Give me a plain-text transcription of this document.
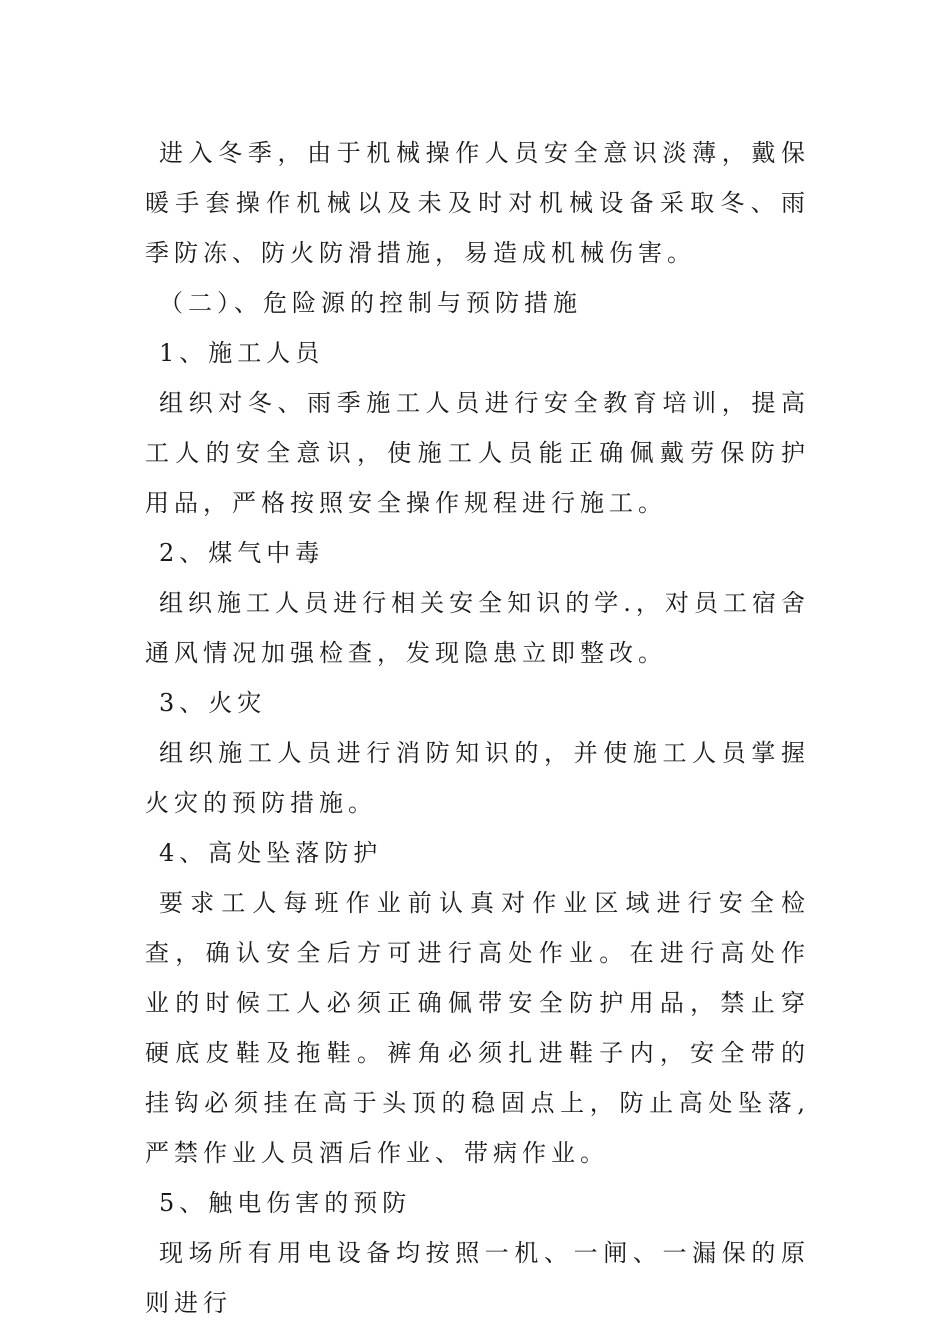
进入冬季，由于机械操作人员安全意识淡薄，戴保暖手套操作机械以及未及时对机械设备采取冬、雨季防冻、防火防滑措施，易造成机械伤害。

（二）、危险源的控制与预防措施

1、施工人员

组织对冬、雨季施工人员进行安全教育培训，提高工人的安全意识，使施工人员能正确佩戴劳保防护用品，严格按照安全操作规程进行施工。

2、煤气中毒

组织施工人员进行相关安全知识的学.，对员工宿舍通风情况加强检查，发现隐患立即整改。

3、火灾

组织施工人员进行消防知识的，并使施工人员掌握火灾的预防措施。

4、高处坠落防护

要求工人每班作业前认真对作业区域进行安全检查，确认安全后方可进行高处作业。在进行高处作业的时候工人必须正确佩带安全防护用品，禁止穿硬底皮鞋及拖鞋。裤角必须扎进鞋子内，安全带的挂钩必须挂在高于头顶的稳固点上，防止高处坠落,严禁作业人员酒后作业、带病作业。

5、触电伤害的预防

现场所有用电设备均按照一机、一闸、一漏保的原则进行
